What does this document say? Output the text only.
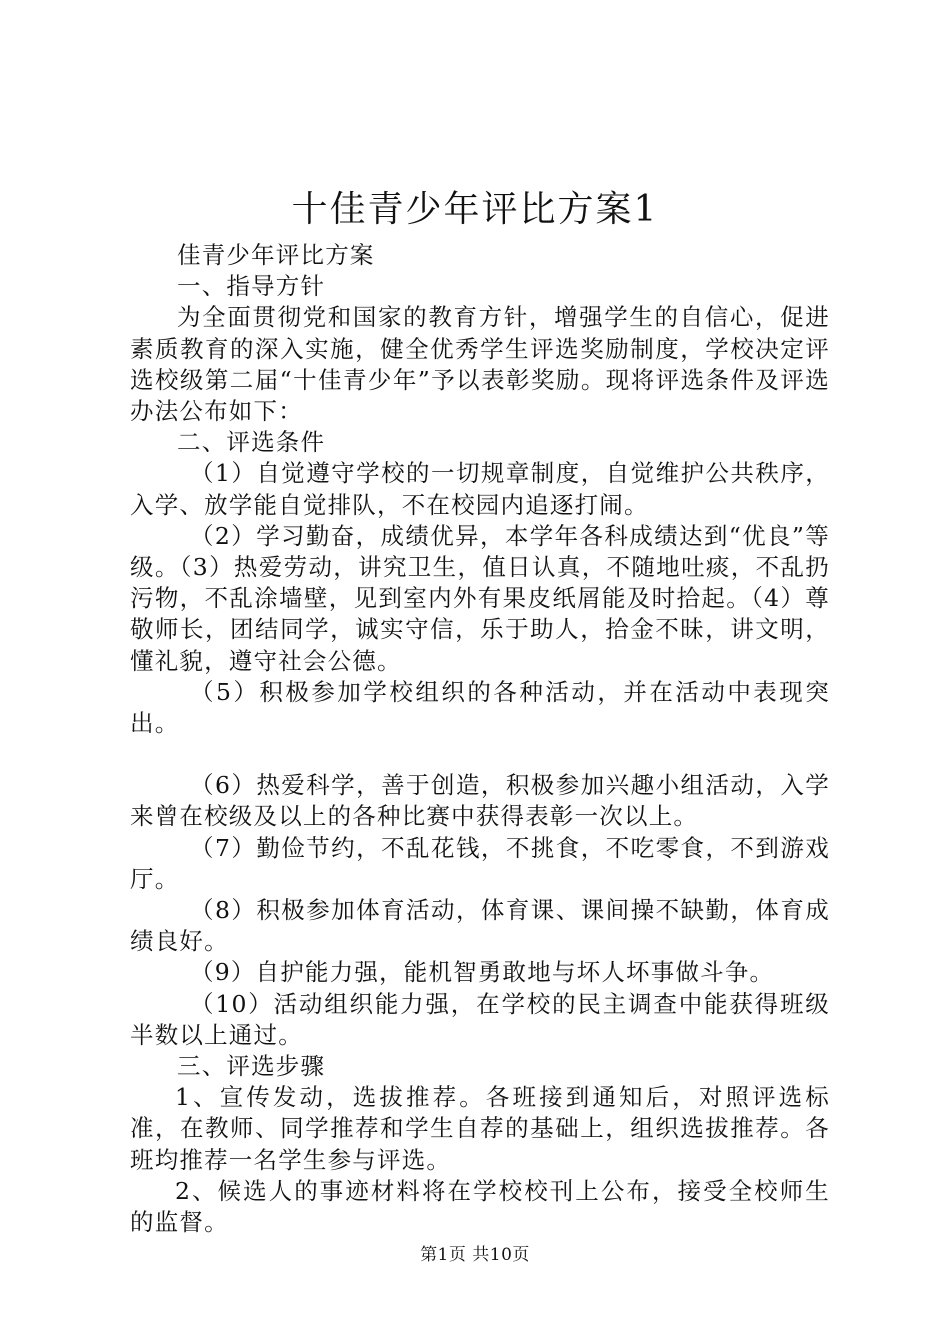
十佳青少年评比方案1

佳青少年评比方案

一、指导方针

为全面贯彻党和国家的教育方针，增强学生的自信心，促进素质教育的深入实施，健全优秀学生评选奖励制度，学校决定评选校级第二届“十佳青少年”予以表彰奖励。现将评选条件及评选办法公布如下：

二、评选条件

（1）自觉遵守学校的一切规章制度，自觉维护公共秩序，入学、放学能自觉排队，不在校园内追逐打闹。

（2）学习勤奋，成绩优异，本学年各科成绩达到“优良”等级。（3）热爱劳动，讲究卫生，值日认真，不随地吐痰，不乱扔污物，不乱涂墙壁，见到室内外有果皮纸屑能及时拾起。（4）尊敬师长，团结同学，诚实守信，乐于助人，拾金不昧，讲文明，懂礼貌，遵守社会公德。

（5）积极参加学校组织的各种活动，并在活动中表现突出。

（6）热爱科学，善于创造，积极参加兴趣小组活动，入学来曾在校级及以上的各种比赛中获得表彰一次以上。

（7）勤俭节约，不乱花钱，不挑食，不吃零食，不到游戏厅。

（8）积极参加体育活动，体育课、课间操不缺勤，体育成绩良好。

（9）自护能力强，能机智勇敢地与坏人坏事做斗争。

（10）活动组织能力强，在学校的民主调查中能获得班级半数以上通过。

三、评选步骤

1、宣传发动，选拔推荐。各班接到通知后，对照评选标准，在教师、同学推荐和学生自荐的基础上，组织选拔推荐。各班均推荐一名学生参与评选。

2、候选人的事迹材料将在学校校刊上公布，接受全校师生的监督。

第1页 共10页
